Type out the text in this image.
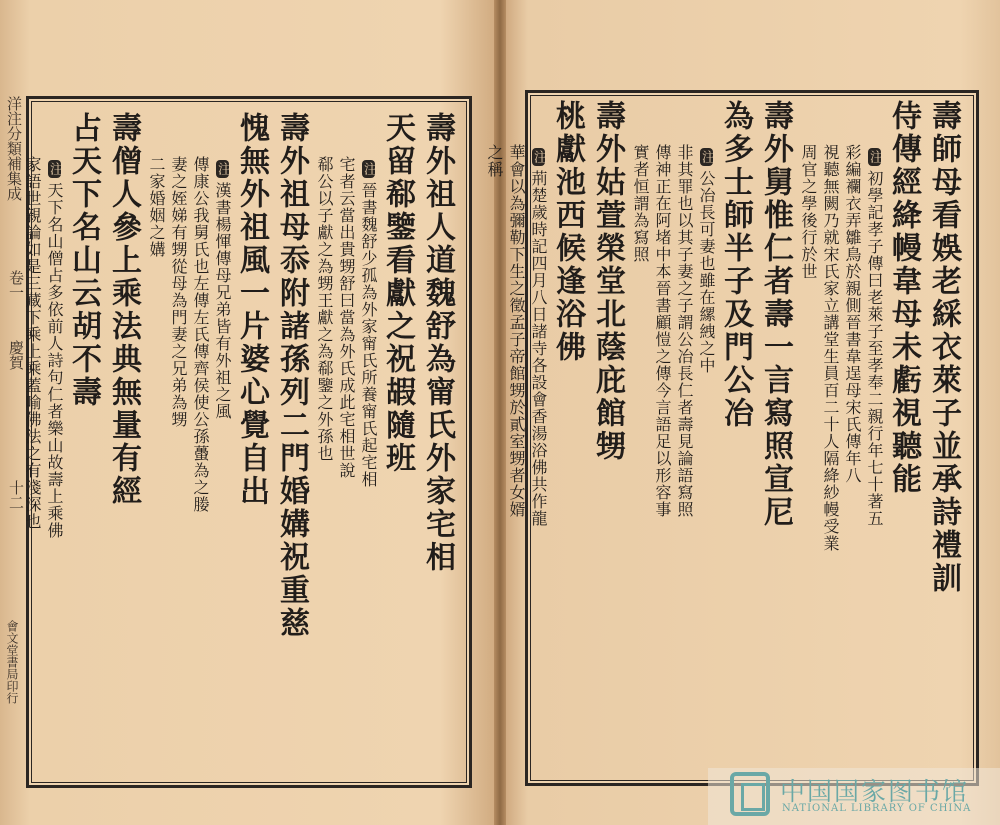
洋注分類補集成
卷一
慶賀
十二
會文堂書局印行
壽外祖人道魏舒為甯氏外家宅相
天留郗鑒看獻之祝嘏隨班
注晉書魏舒少孤為外家甯氏所養甯氏起宅相
宅者云當出貴甥舒曰當為外氏成此宅相世說
郗公以子獻之為甥王獻之為郗鑒之外孫也
壽外祖母忝附諸孫列二門婚媾祝重慈
愧無外祖風一片婆心覺自出
注漢書楊惲傳母兄弟皆有外祖之風
傳康公我舅氏也左傳左氏傳齊侯使公孫蠆為之媵
妻之姪娣有甥從母為門妻之兄弟為甥
二家婚姻之媾
壽僧人參上乘法典無量有經
占天下名山云胡不壽
注天下名山僧占多依前人詩句仁者樂山故壽上乘佛
家語世親論如是三藏下乘上乘蓋喻佛法之有淺深也	壽師母看娛老綵衣萊子並承詩禮訓
侍傳經絳幔韋母未虧視聽能
注初學記孝子傳曰老萊子至孝奉二親行年七十著五
彩編襴衣弄雛鳥於親側晉書韋逞母宋氏傳年八
視聽無闕乃就宋氏家立講堂生員百二十人隔絳紗幔受業
周官之學後行於世
壽外舅惟仁者壽一言寫照宣尼
為多士師半子及門公冶
注公冶長可妻也雖在縲絏之中
非其罪也以其子妻之子謂公冶長仁者壽見論語寫照
傳神正在阿堵中本晉書顧愷之傳今言語足以形容事
實者恒謂為寫照
壽外姑萱榮堂北蔭庇館甥
桃獻池西候逢浴佛
注荊楚歲時記四月八日諸寺各設會香湯浴佛共作龍
華會以為彌勒下生之徵孟子帝館甥於貳室甥者女婿
之稱
中国国家图书馆
NATIONAL LIBRARY OF CHINA
